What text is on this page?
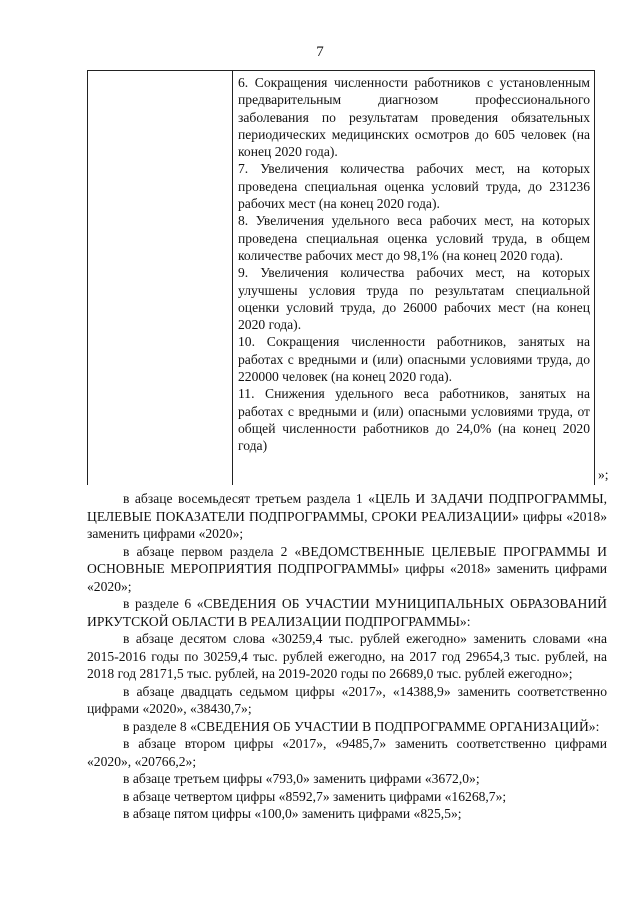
7

6. Сокращения численности работников с установленным предварительным диагнозом профессионального заболевания по результатам проведения обязательных периодических медицинских осмотров до 605 человек (на конец 2020 года).

7. Увеличения количества рабочих мест, на которых проведена специальная оценка условий труда, до 231236 рабочих мест (на конец 2020 года).

8. Увеличения удельного веса рабочих мест, на которых проведена специальная оценка условий труда, в общем количестве рабочих мест до 98,1% (на конец 2020 года).

9. Увеличения количества рабочих мест, на которых улучшены условия труда по результатам специальной оценки условий труда, до 26000 рабочих мест (на конец 2020 года).

10. Сокращения численности работников, занятых на работах с вредными и (или) опасными условиями труда, до 220000 человек (на конец 2020 года).

11. Снижения удельного веса работников, занятых на работах с вредными и (или) опасными условиями труда, от общей численности работников до 24,0% (на конец 2020 года)

»;

в абзаце восемьдесят третьем раздела 1 «ЦЕЛЬ И ЗАДАЧИ ПОДПРОГРАММЫ, ЦЕЛЕВЫЕ ПОКАЗАТЕЛИ ПОДПРОГРАММЫ, СРОКИ РЕАЛИЗАЦИИ» цифры «2018» заменить цифрами «2020»;

в абзаце первом раздела 2 «ВЕДОМСТВЕННЫЕ ЦЕЛЕВЫЕ ПРОГРАММЫ И ОСНОВНЫЕ МЕРОПРИЯТИЯ ПОДПРОГРАММЫ» цифры «2018» заменить цифрами «2020»;

в разделе 6 «СВЕДЕНИЯ ОБ УЧАСТИИ МУНИЦИПАЛЬНЫХ ОБРАЗОВАНИЙ ИРКУТСКОЙ ОБЛАСТИ В РЕАЛИЗАЦИИ ПОДПРОГРАММЫ»:

в абзаце десятом слова «30259,4 тыс. рублей ежегодно» заменить словами «на 2015-2016 годы по 30259,4 тыс. рублей ежегодно, на 2017 год 29654,3 тыс. рублей, на 2018 год 28171,5 тыс. рублей, на 2019-2020 годы по 26689,0 тыс. рублей ежегодно»;

в абзаце двадцать седьмом цифры «2017», «14388,9» заменить соответственно цифрами «2020», «38430,7»;

в разделе 8 «СВЕДЕНИЯ ОБ УЧАСТИИ В ПОДПРОГРАММЕ ОРГАНИЗАЦИЙ»:

в абзаце втором цифры «2017», «9485,7» заменить соответственно цифрами «2020», «20766,2»;

в абзаце третьем цифры «793,0» заменить цифрами «3672,0»;

в абзаце четвертом цифры «8592,7» заменить цифрами «16268,7»;

в абзаце пятом цифры «100,0» заменить цифрами «825,5»;
